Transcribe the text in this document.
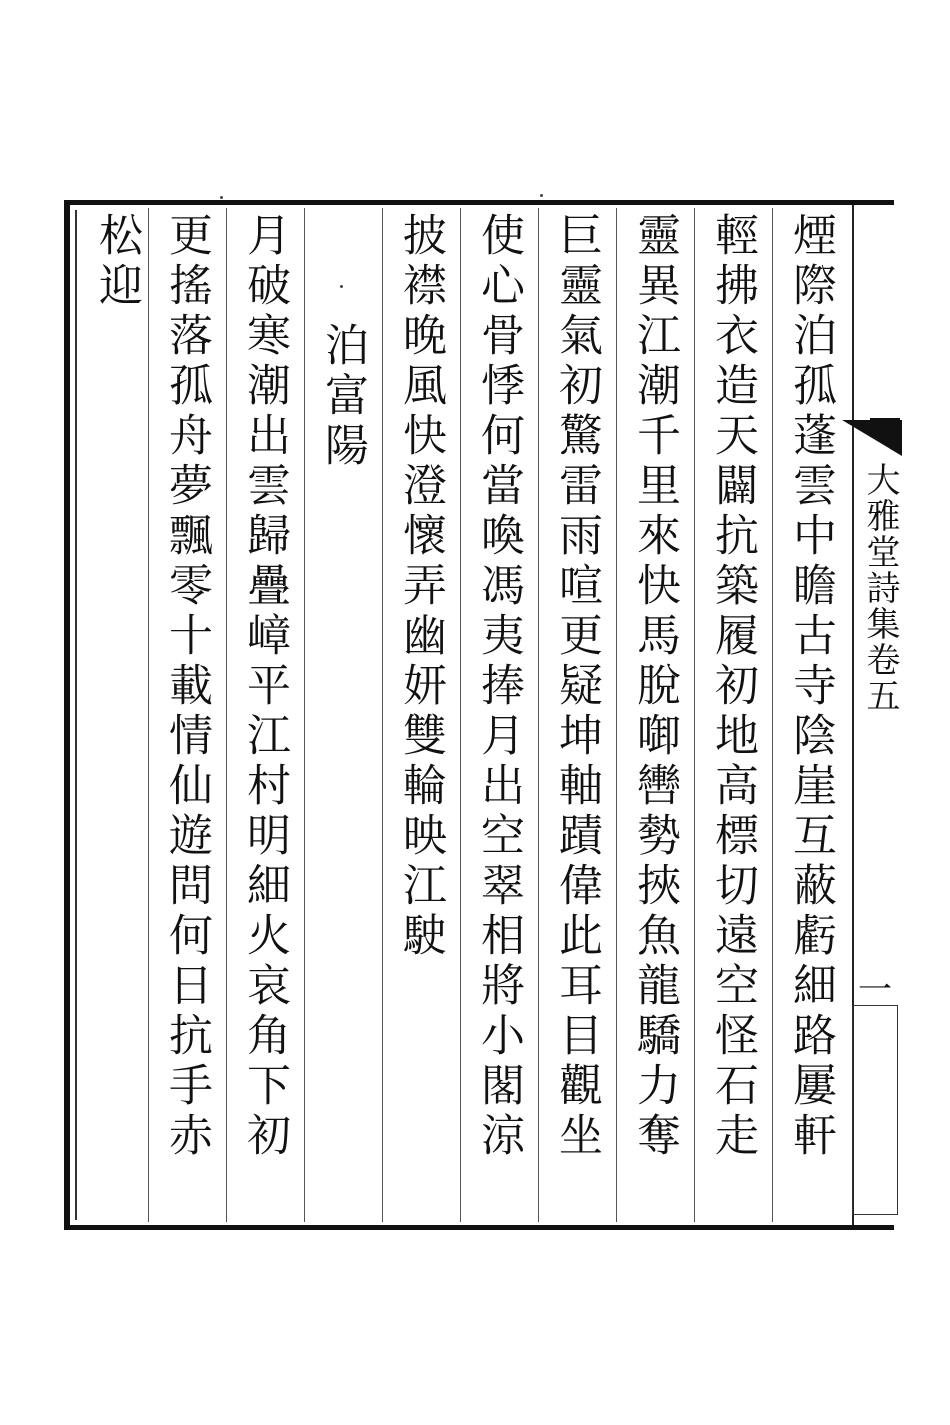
煙際泊孤蓬雲中瞻古寺陰崖互蔽虧細路屢軒
輕拂衣造天闢抗築履初地高標切遠空怪石走
靈異江潮千里來快馬脫啣轡勢挾魚龍驕力奪
巨靈氣初驚雷雨喧更疑坤軸蹟偉此耳目觀坐
使心骨悸何當喚馮夷捧月出空翠相將小閣涼
披襟晚風快澄懷弄幽妍雙輪映江駛
泊富陽
月破寒潮出雲歸疊嶂平江村明細火哀角下初
更搖落孤舟夢飄零十載情仙遊問何日抗手赤
松迎
大雅堂詩集卷五
一
